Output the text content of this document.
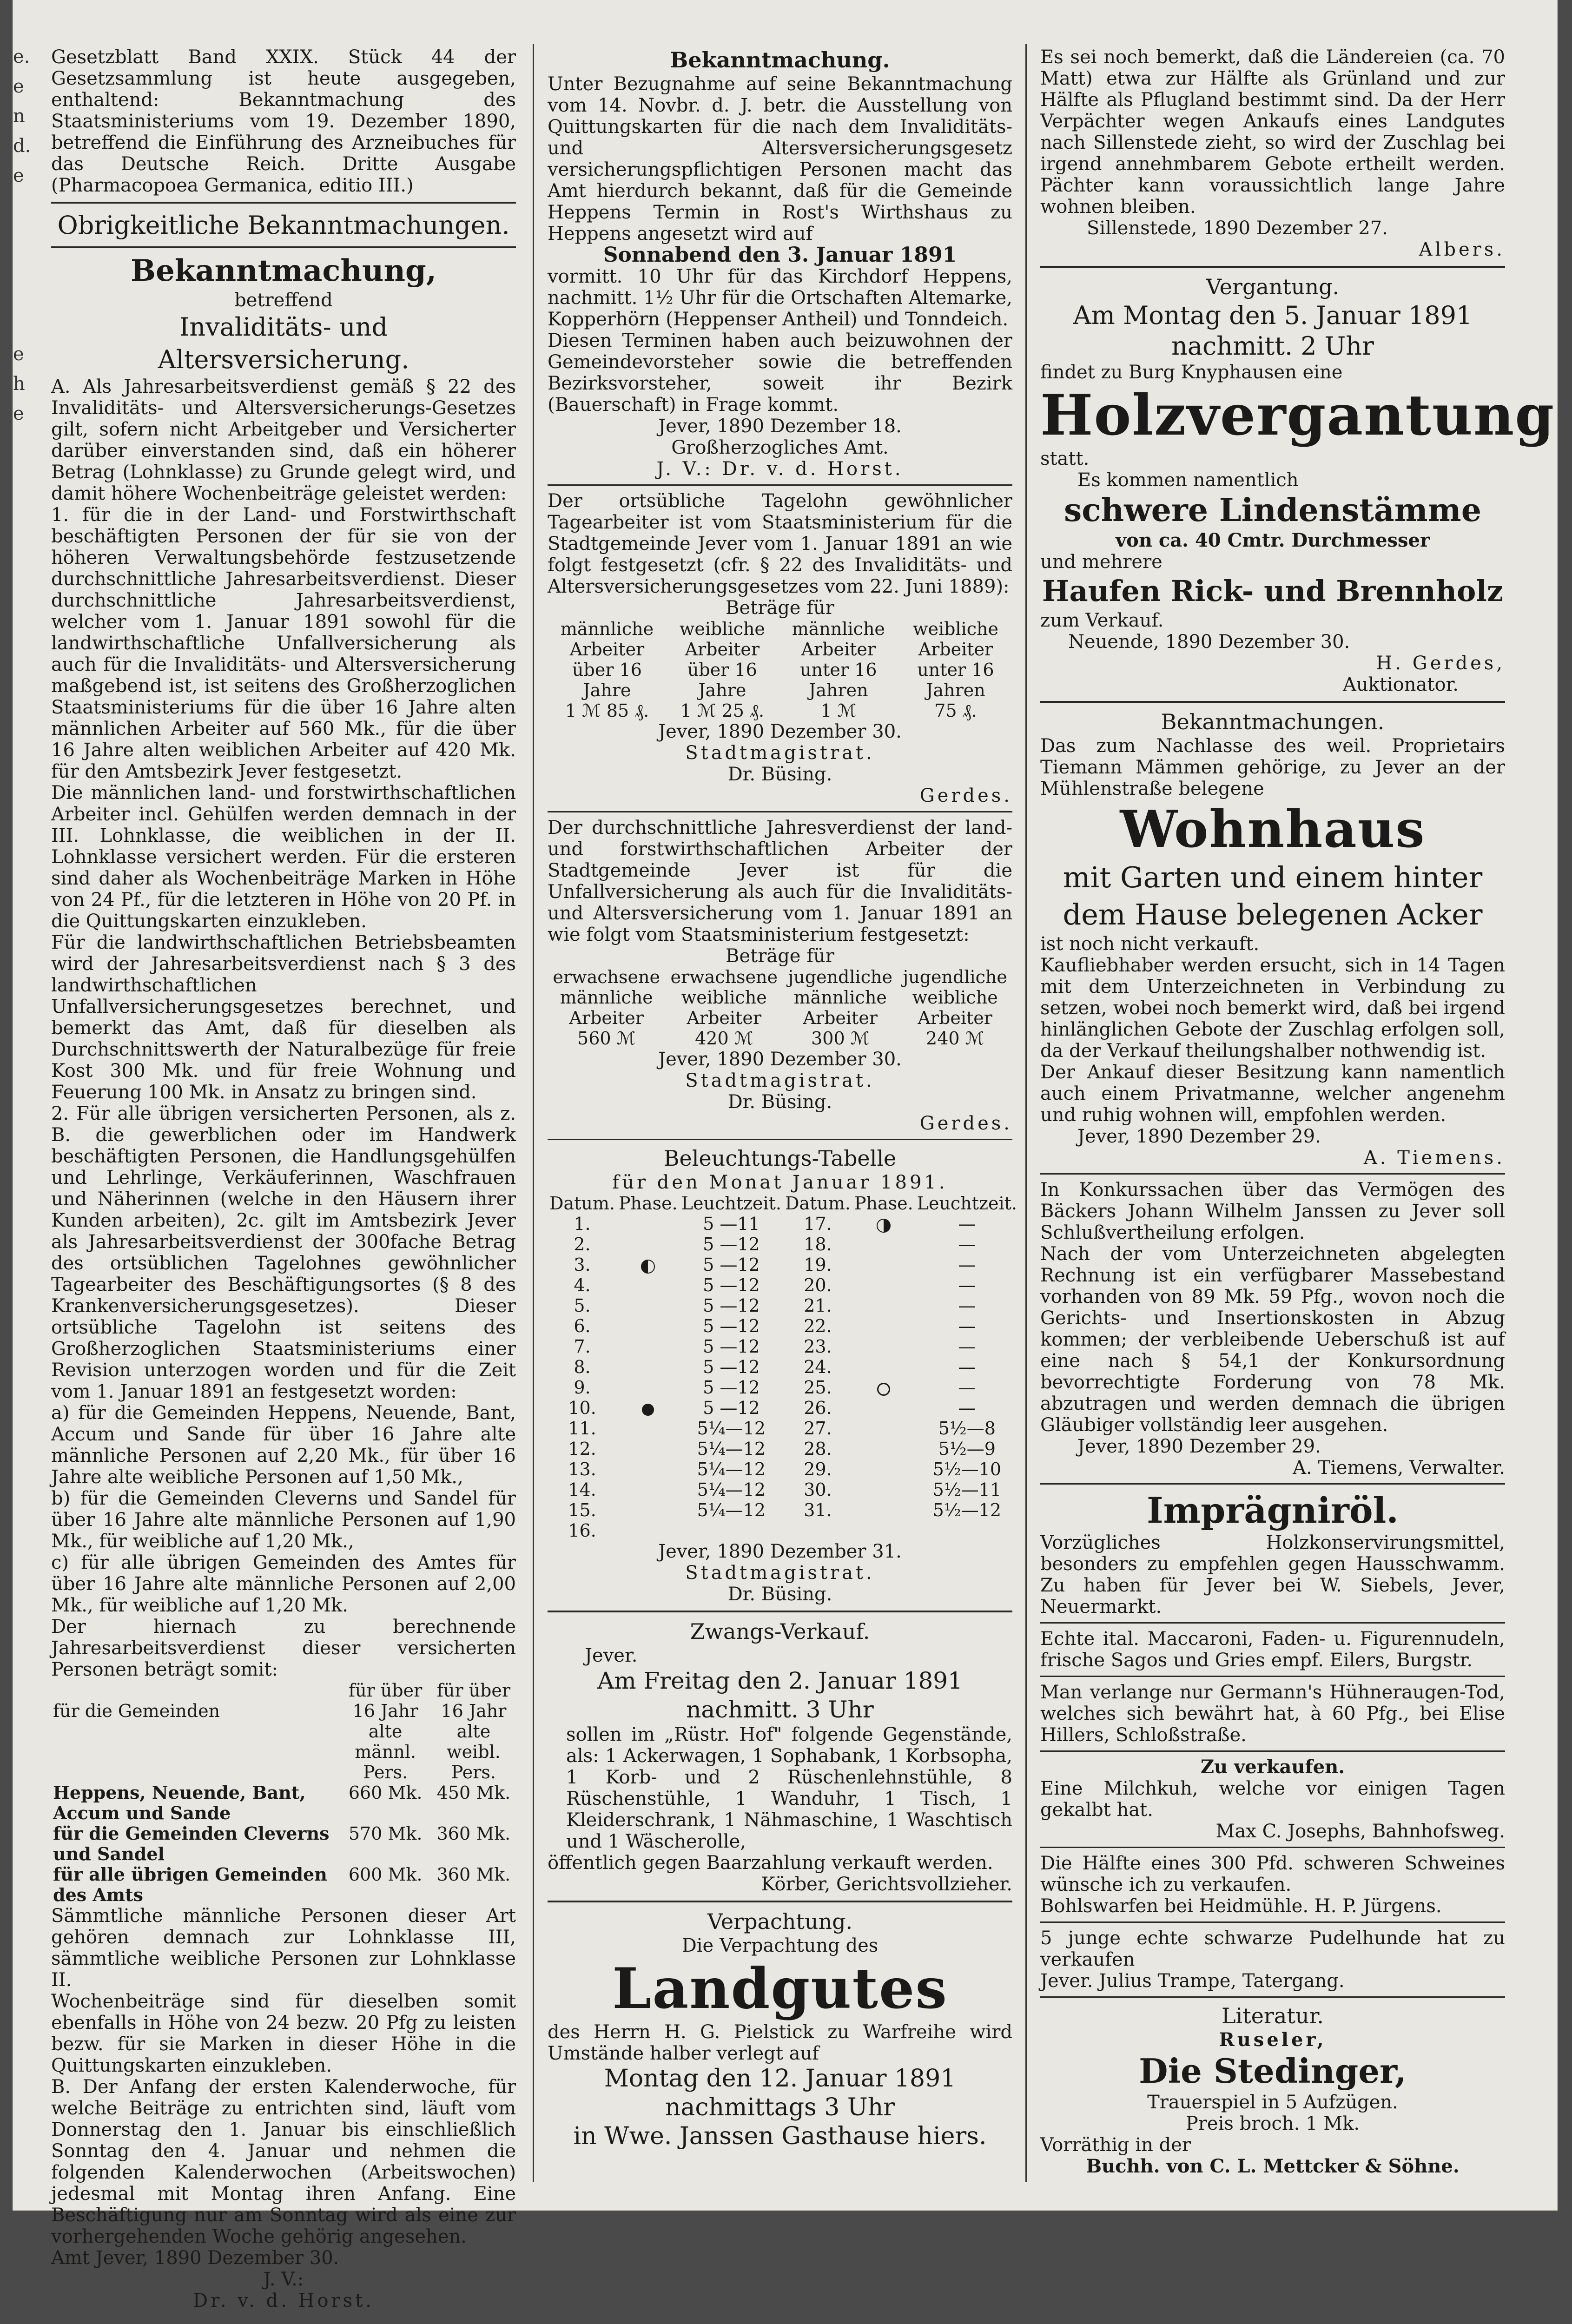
e.
e
n
d.
e
e
h
e

Gesetzblatt Band XXIX. Stück 44 der Gesetzsammlung ist heute ausgegeben, enthaltend: Bekanntmachung des Staatsministeriums vom 19. Dezember 1890, betreffend die Einführung des Arzneibuches für das Deutsche Reich. Dritte Ausgabe (Pharmacopoea Germanica, editio III.)

Obrigkeitliche Bekanntmachungen.
Bekanntmachung,
betreffend
Invaliditäts- und Altersversicherung.

A. Als Jahresarbeitsverdienst gemäß § 22 des Invaliditäts- und Altersversicherungs-Gesetzes gilt, sofern nicht Arbeitgeber und Versicherter darüber einverstanden sind, daß ein höherer Betrag (Lohnklasse) zu Grunde gelegt wird, und damit höhere Wochenbeiträge geleistet werden:

1. für die in der Land- und Forstwirthschaft beschäftigten Personen der für sie von der höheren Verwaltungsbehörde festzusetzende durchschnittliche Jahresarbeitsverdienst. Dieser durchschnittliche Jahresarbeitsverdienst, welcher vom 1. Januar 1891 sowohl für die landwirthschaftliche Unfallversicherung als auch für die Invaliditäts- und Altersversicherung maßgebend ist, ist seitens des Großherzoglichen Staatsministeriums für die über 16 Jahre alten männlichen Arbeiter auf 560 Mk., für die über 16 Jahre alten weiblichen Arbeiter auf 420 Mk. für den Amtsbezirk Jever festgesetzt.

Die männlichen land- und forstwirthschaftlichen Arbeiter incl. Gehülfen werden demnach in der III. Lohnklasse, die weiblichen in der II. Lohnklasse versichert werden. Für die ersteren sind daher als Wochenbeiträge Marken in Höhe von 24 Pf., für die letzteren in Höhe von 20 Pf. in die Quittungskarten einzukleben.

Für die landwirthschaftlichen Betriebsbeamten wird der Jahresarbeitsverdienst nach § 3 des landwirthschaftlichen Unfallversicherungsgesetzes berechnet, und bemerkt das Amt, daß für dieselben als Durchschnittswerth der Naturalbezüge für freie Kost 300 Mk. und für freie Wohnung und Feuerung 100 Mk. in Ansatz zu bringen sind.

2. Für alle übrigen versicherten Personen, als z. B. die gewerblichen oder im Handwerk beschäftigten Personen, die Handlungsgehülfen und Lehrlinge, Verkäuferinnen, Waschfrauen und Näherinnen (welche in den Häusern ihrer Kunden arbeiten), 2c. gilt im Amtsbezirk Jever als Jahresarbeitsverdienst der 300fache Betrag des ortsüblichen Tagelohnes gewöhnlicher Tagearbeiter des Beschäftigungsortes (§ 8 des Krankenversicherungsgesetzes). Dieser ortsübliche Tagelohn ist seitens des Großherzoglichen Staatsministeriums einer Revision unterzogen worden und für die Zeit vom 1. Januar 1891 an festgesetzt worden:

a) für die Gemeinden Heppens, Neuende, Bant, Accum und Sande für über 16 Jahre alte männliche Personen auf 2,20 Mk., für über 16 Jahre alte weibliche Personen auf 1,50 Mk.,

b) für die Gemeinden Cleverns und Sandel für über 16 Jahre alte männliche Personen auf 1,90 Mk., für weibliche auf 1,20 Mk.,

c) für alle übrigen Gemeinden des Amtes für über 16 Jahre alte männliche Personen auf 2,00 Mk., für weibliche auf 1,20 Mk.

Der hiernach zu berechnende Jahresarbeitsverdienst dieser versicherten Personen beträgt somit:

	für über	für über
für die Gemeinden	16 Jahr alte	16 Jahr alte
	männl. Pers.	weibl. Pers.
Heppens, Neuende, Bant, Accum und Sande	660 Mk.	450 Mk.
für die Gemeinden Cleverns und Sandel	570 Mk.	360 Mk.
für alle übrigen Gemeinden des Amts	600 Mk.	360 Mk.

Sämmtliche männliche Personen dieser Art gehören demnach zur Lohnklasse III, sämmtliche weibliche Personen zur Lohnklasse II.

Wochenbeiträge sind für dieselben somit ebenfalls in Höhe von 24 bezw. 20 Pfg zu leisten bezw. für sie Marken in dieser Höhe in die Quittungskarten einzukleben.

B. Der Anfang der ersten Kalenderwoche, für welche Beiträge zu entrichten sind, läuft vom Donnerstag den 1. Januar bis einschließlich Sonntag den 4. Januar und nehmen die folgenden Kalenderwochen (Arbeitswochen) jedesmal mit Montag ihren Anfang. Eine Beschäftigung nur am Sonntag wird als eine zur vorhergehenden Woche gehörig angesehen.

Amt Jever, 1890 Dezember 30.
J. V.:
Dr. v. d. Horst.
Bekanntmachung.

Unter Bezugnahme auf seine Bekanntmachung vom 14. Novbr. d. J. betr. die Ausstellung von Quittungskarten für die nach dem Invaliditäts- und Altersversicherungsgesetz versicherungspflichtigen Personen macht das Amt hierdurch bekannt, daß für die Gemeinde Heppens Termin in Rost's Wirthshaus zu Heppens angesetzt wird auf

Sonnabend den 3. Januar 1891

vormitt. 10 Uhr für das Kirchdorf Heppens, nachmitt. 1½ Uhr für die Ortschaften Altemarke, Kopperhörn (Heppenser Antheil) und Tonndeich.

Diesen Terminen haben auch beizuwohnen der Gemeindevorsteher sowie die betreffenden Bezirksvorsteher, soweit ihr Bezirk (Bauerschaft) in Frage kommt.

Jever, 1890 Dezember 18.
Großherzogliches Amt.
J. V.: Dr. v. d. Horst.

Der ortsübliche Tagelohn gewöhnlicher Tagearbeiter ist vom Staatsministerium für die Stadtgemeinde Jever vom 1. Januar 1891 an wie folgt festgesetzt (cfr. § 22 des Invaliditäts- und Altersversicherungsgesetzes vom 22. Juni 1889):

Beträge für
männliche Arbeiter über 16 Jahre	weibliche Arbeiter über 16 Jahre	männliche Arbeiter unter 16 Jahren	weibliche Arbeiter unter 16 Jahren
1 ℳ 85 ₰.	1 ℳ 25 ₰.	1 ℳ	75 ₰.
Jever, 1890 Dezember 30.
Stadtmagistrat.
Dr. Büsing.
Gerdes.

Der durchschnittliche Jahresverdienst der land- und forstwirthschaftlichen Arbeiter der Stadtgemeinde Jever ist für die Unfallversicherung als auch für die Invaliditäts- und Altersversicherung vom 1. Januar 1891 an wie folgt vom Staatsministerium festgesetzt:

Beträge für
erwachsene männliche Arbeiter	erwachsene weibliche Arbeiter	jugendliche männliche Arbeiter	jugendliche weibliche Arbeiter
560 ℳ	420 ℳ	300 ℳ	240 ℳ
Jever, 1890 Dezember 30.
Stadtmagistrat.
Dr. Büsing.
Gerdes.
Beleuchtungs-Tabelle
für den Monat Januar 1891.
Datum.	Phase.	Leuchtzeit.	Datum.	Phase.	Leuchtzeit.
1.		5 —11	17.		—
2.		5 —12	18.		—
3.		5 —12	19.		—
4.		5 —12	20.		—
5.		5 —12	21.		—
6.		5 —12	22.		—
7.		5 —12	23.		—
8.		5 —12	24.		—
9.		5 —12	25.		—
10.		5 —12	26.		—
11.		5¼—12	27.		5½—8
12.		5¼—12	28.		5½—9
13.		5¼—12	29.		5½—10
14.		5¼—12	30.		5½—11
15.		5¼—12	31.		5½—12
16.					
Jever, 1890 Dezember 31.
Stadtmagistrat.
Dr. Büsing.
Zwangs-Verkauf.
Jever.
Am Freitag den 2. Januar 1891
nachmitt. 3 Uhr

sollen im „Rüstr. Hof" folgende Gegenstände, als: 1 Ackerwagen, 1 Sophabank, 1 Korbsopha, 1 Korb- und 2 Rüschenlehnstühle, 8 Rüschenstühle, 1 Wanduhr, 1 Tisch, 1 Kleiderschrank, 1 Nähmaschine, 1 Waschtisch und 1 Wäscherolle,

öffentlich gegen Baarzahlung verkauft werden.

Körber, Gerichtsvollzieher.
Verpachtung.
Die Verpachtung des
Landgutes

des Herrn H. G. Pielstick zu Warfreihe wird Umstände halber verlegt auf

Montag den 12. Januar 1891
nachmittags 3 Uhr
in Wwe. Janssen Gasthause hiers.

Es sei noch bemerkt, daß die Ländereien (ca. 70 Matt) etwa zur Hälfte als Grünland und zur Hälfte als Pflugland bestimmt sind. Da der Herr Verpächter wegen Ankaufs eines Landgutes nach Sillenstede zieht, so wird der Zuschlag bei irgend annehmbarem Gebote ertheilt werden. Pächter kann voraussichtlich lange Jahre wohnen bleiben.

Sillenstede, 1890 Dezember 27.
Albers.
Vergantung.
Am Montag den 5. Januar 1891
nachmitt. 2 Uhr
findet zu Burg Knyphausen eine
Holzvergantung
statt.
Es kommen namentlich
schwere Lindenstämme
von ca. 40 Cmtr. Durchmesser
und mehrere
Haufen Rick- und Brennholz
zum Verkauf.
Neuende, 1890 Dezember 30.
H. Gerdes,
Auktionator.
Bekanntmachungen.

Das zum Nachlasse des weil. Proprietairs Tiemann Mämmen gehörige, zu Jever an der Mühlenstraße belegene

Wohnhaus
mit Garten und einem hinter dem Hause belegenen Acker
ist noch nicht verkauft.

Kaufliebhaber werden ersucht, sich in 14 Tagen mit dem Unterzeichneten in Verbindung zu setzen, wobei noch bemerkt wird, daß bei irgend hinlänglichen Gebote der Zuschlag erfolgen soll, da der Verkauf theilungshalber nothwendig ist.

Der Ankauf dieser Besitzung kann namentlich auch einem Privatmanne, welcher angenehm und ruhig wohnen will, empfohlen werden.

Jever, 1890 Dezember 29.
A. Tiemens.

In Konkurssachen über das Vermögen des Bäckers Johann Wilhelm Janssen zu Jever soll Schlußvertheilung erfolgen.

Nach der vom Unterzeichneten abgelegten Rechnung ist ein verfügbarer Massebestand vorhanden von 89 Mk. 59 Pfg., wovon noch die Gerichts- und Insertionskosten in Abzug kommen; der verbleibende Ueberschuß ist auf eine nach § 54,1 der Konkursordnung bevorrechtigte Forderung von 78 Mk. abzutragen und werden demnach die übrigen Gläubiger vollständig leer ausgehen.

Jever, 1890 Dezember 29.
A. Tiemens, Verwalter.
Imprägniröl.

Vorzügliches Holzkonservirungsmittel, besonders zu empfehlen gegen Hausschwamm. Zu haben für Jever bei W. Siebels, Jever, Neuermarkt.

Echte ital. Maccaroni, Faden- u. Figurennudeln, frische Sagos und Gries empf. Eilers, Burgstr.

Man verlange nur Germann's Hühneraugen-Tod, welches sich bewährt hat, à 60 Pfg., bei Elise Hillers, Schloßstraße.

Zu verkaufen.

Eine Milchkuh, welche vor einigen Tagen gekalbt hat.

Max C. Josephs, Bahnhofsweg.

Die Hälfte eines 300 Pfd. schweren Schweines wünsche ich zu verkaufen.

Bohlswarfen bei Heidmühle. H. P. Jürgens.

5 junge echte schwarze Pudelhunde hat zu verkaufen

Jever. Julius Trampe, Tatergang.
Literatur.
Ruseler,
Die Stedinger,
Trauerspiel in 5 Aufzügen.
Preis broch. 1 Mk.
Vorräthig in der
Buchh. von C. L. Mettcker & Söhne.
